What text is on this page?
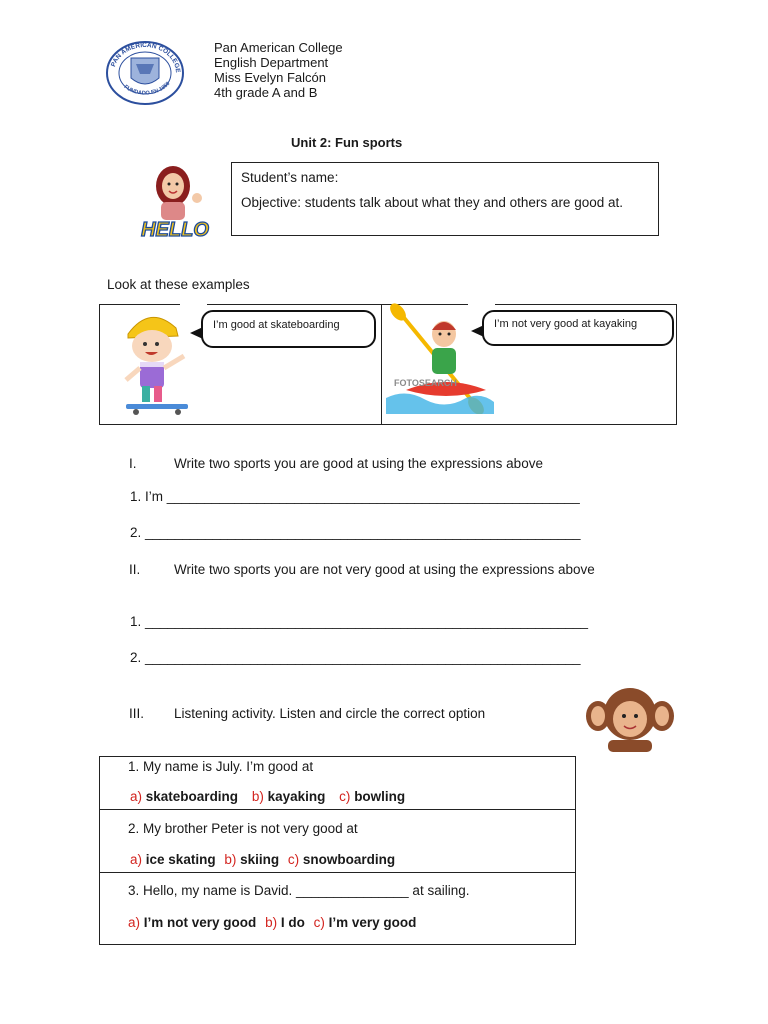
PAN AMERICAN COLLEGE
FUNDADO EN 1950
Pan American College
English Department
Miss Evelyn Falcón
4th grade A and B
Unit 2: Fun sports
HELLO
Student’s name:
Objective: students talk about what they and others are good at.
Look at these examples
I’m good at skateboarding
FOTOSEARCH
I’m not very good at kayaking
I.	Write two sports you are good at using the expressions above
1. I’m _______________________________________________________
2. __________________________________________________________
II. Write two sports you are not very good at using the expressions above
1. ___________________________________________________________
2. __________________________________________________________
III. Listening activity. Listen and circle the correct option
1. My name is July. I’m good at
a) skateboarding b) kayaking c) bowling
2. My brother Peter is not very good at
a) ice skating b) skiing c) snowboarding
3. Hello, my name is David. _______________ at sailing.
a) I’m not very good b) I do c) I’m very good
